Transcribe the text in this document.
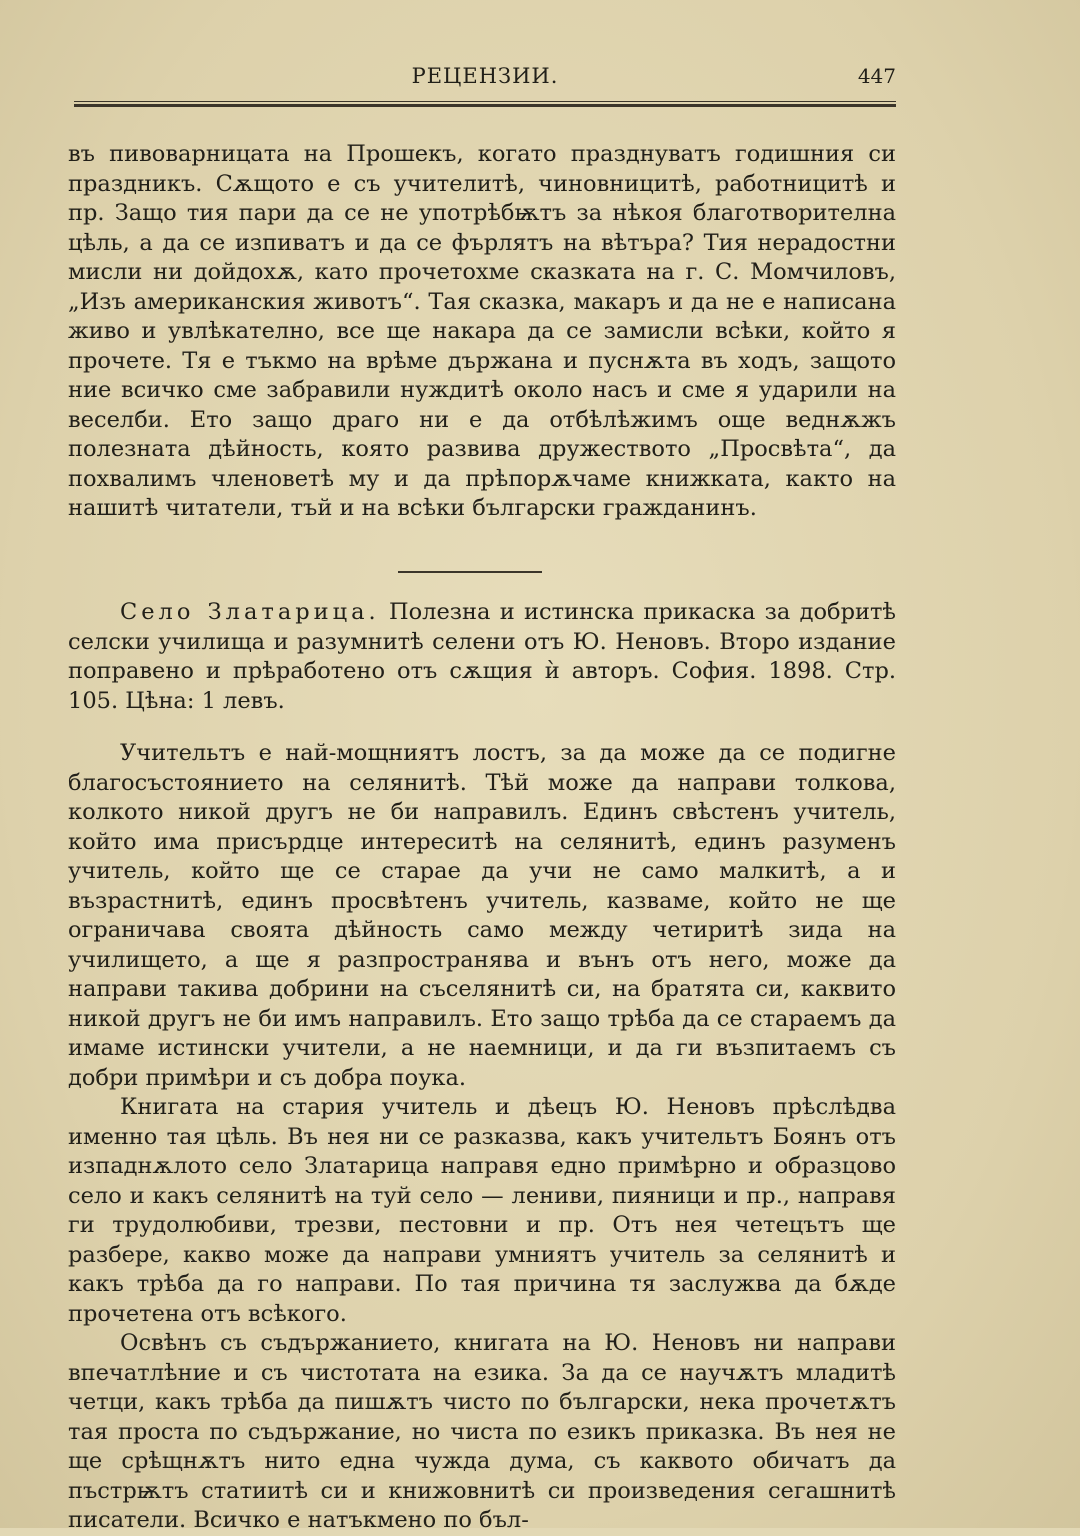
РЕЦЕНЗИИ.	447

въ пивоварницата на Прошекъ, когато празднуватъ годишния си праздникъ. Сѫщото е съ учителитѣ, чиновницитѣ, работницитѣ и пр. Защо тия пари да се не употрѣбѭтъ за нѣкоя благотворителна цѣль, а да се изпиватъ и да се фърлятъ на вѣтъра? Тия нерадостни мисли ни дойдохѫ, като прочетохме сказката на г. С. Момчиловъ, „Изъ американския животъ“. Тая сказка, макаръ и да не е написана живо и увлѣкателно, все ще накара да се замисли всѣки, който я прочете. Тя е тъкмо на врѣме държана и пуснѫта въ ходъ, защото ние всичко сме забравили нуждитѣ около насъ и сме я ударили на веселби. Ето защо драго ни е да отбѣлѣжимъ още веднѫжъ полезната дѣйность, която развива дружеството „Просвѣта“, да похвалимъ членоветѣ му и да прѣпорѫчаме книжката, както на нашитѣ читатели, тъй и на всѣки български гражданинъ.

Село Златарица. Полезна и истинска прикаска за добритѣ селски училища и разумнитѣ селени отъ Ю. Неновъ. Второ издание поправено и прѣработено отъ сѫщия ѝ авторъ. София. 1898. Стр. 105. Цѣна: 1 левъ.

Учительтъ е най-мощниятъ лостъ, за да може да се подигне благосъстоянието на селянитѣ. Тѣй може да направи толкова, колкото никой другъ не би направилъ. Единъ свѣстенъ учитель, който има присърдце интереситѣ на селянитѣ, единъ разуменъ учитель, който ще се старае да учи не само малкитѣ, а и възрастнитѣ, единъ просвѣтенъ учитель, казваме, който не ще ограничава своята дѣйность само между четиритѣ зида на училището, а ще я разпространява и вънъ отъ него, може да направи такива добрини на съселянитѣ си, на братята си, каквито никой другъ не би имъ направилъ. Ето защо трѣба да се стараемъ да имаме истински учители, а не наемници, и да ги възпитаемъ съ добри примѣри и съ добра поука.

Книгата на стария учитель и дѣецъ Ю. Неновъ прѣслѣдва именно тая цѣль. Въ нея ни се разказва, какъ учительтъ Боянъ отъ изпаднѫлото село Златарица направя едно примѣрно и образцово село и какъ селянитѣ на туй село — лениви, пияници и пр., направя ги трудолюбиви, трезви, пестовни и пр. Отъ нея четецътъ ще разбере, какво може да направи умниятъ учитель за селянитѣ и какъ трѣба да го направи. По тая причина тя заслужва да бѫде прочетена отъ всѣкого.

Освѣнъ съ съдържанието, книгата на Ю. Неновъ ни направи впечатлѣние и съ чистотата на езика. За да се научѫтъ младитѣ четци, какъ трѣба да пишѫтъ чисто по български, нека прочетѫтъ тая проста по съдържание, но чиста по езикъ приказка. Въ нея не ще срѣщнѫтъ нито една чужда дума, съ каквото обичатъ да пъстрѭтъ статиитѣ си и книжовнитѣ си произведения сегашнитѣ писатели. Всичко е натъкмено по бъл-
